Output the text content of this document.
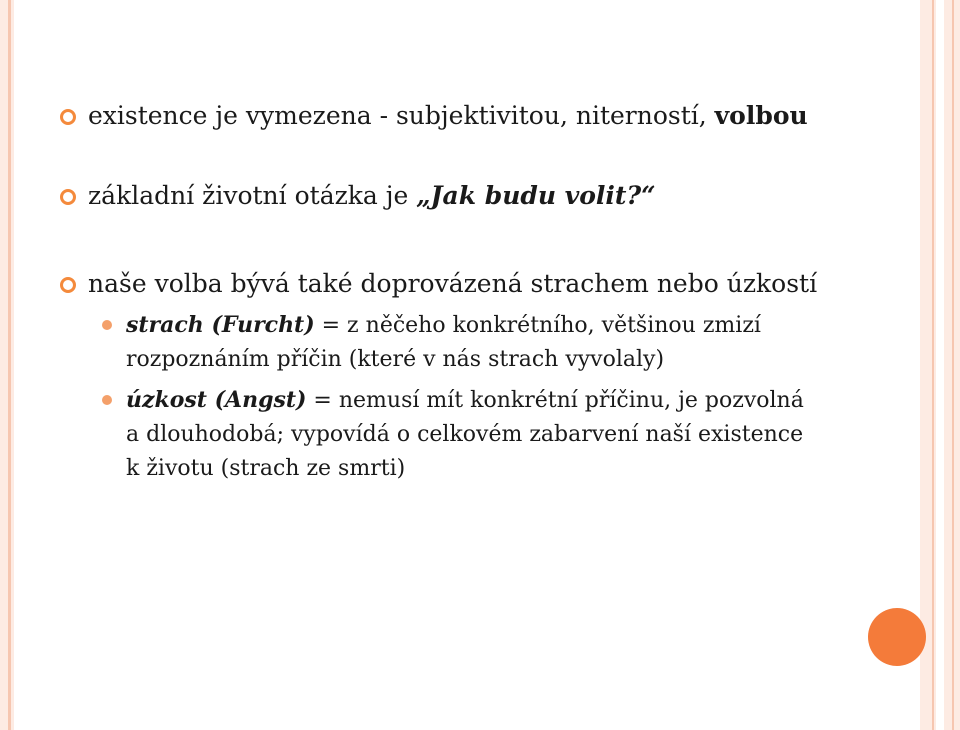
existence je vymezena - subjektivitou, niterností, volbou
základní životní otázka je „Jak budu volit?“
naše volba bývá také doprovázená strachem nebo úzkostí
strach (Furcht) = z něčeho konkrétního, většinou zmizí rozpoznáním příčin (které v nás strach vyvolaly)
úzkost (Angst) = nemusí mít konkrétní příčinu, je pozvolná a dlouhodobá; vypovídá o celkovém zabarvení naší existence k životu (strach ze smrti)
